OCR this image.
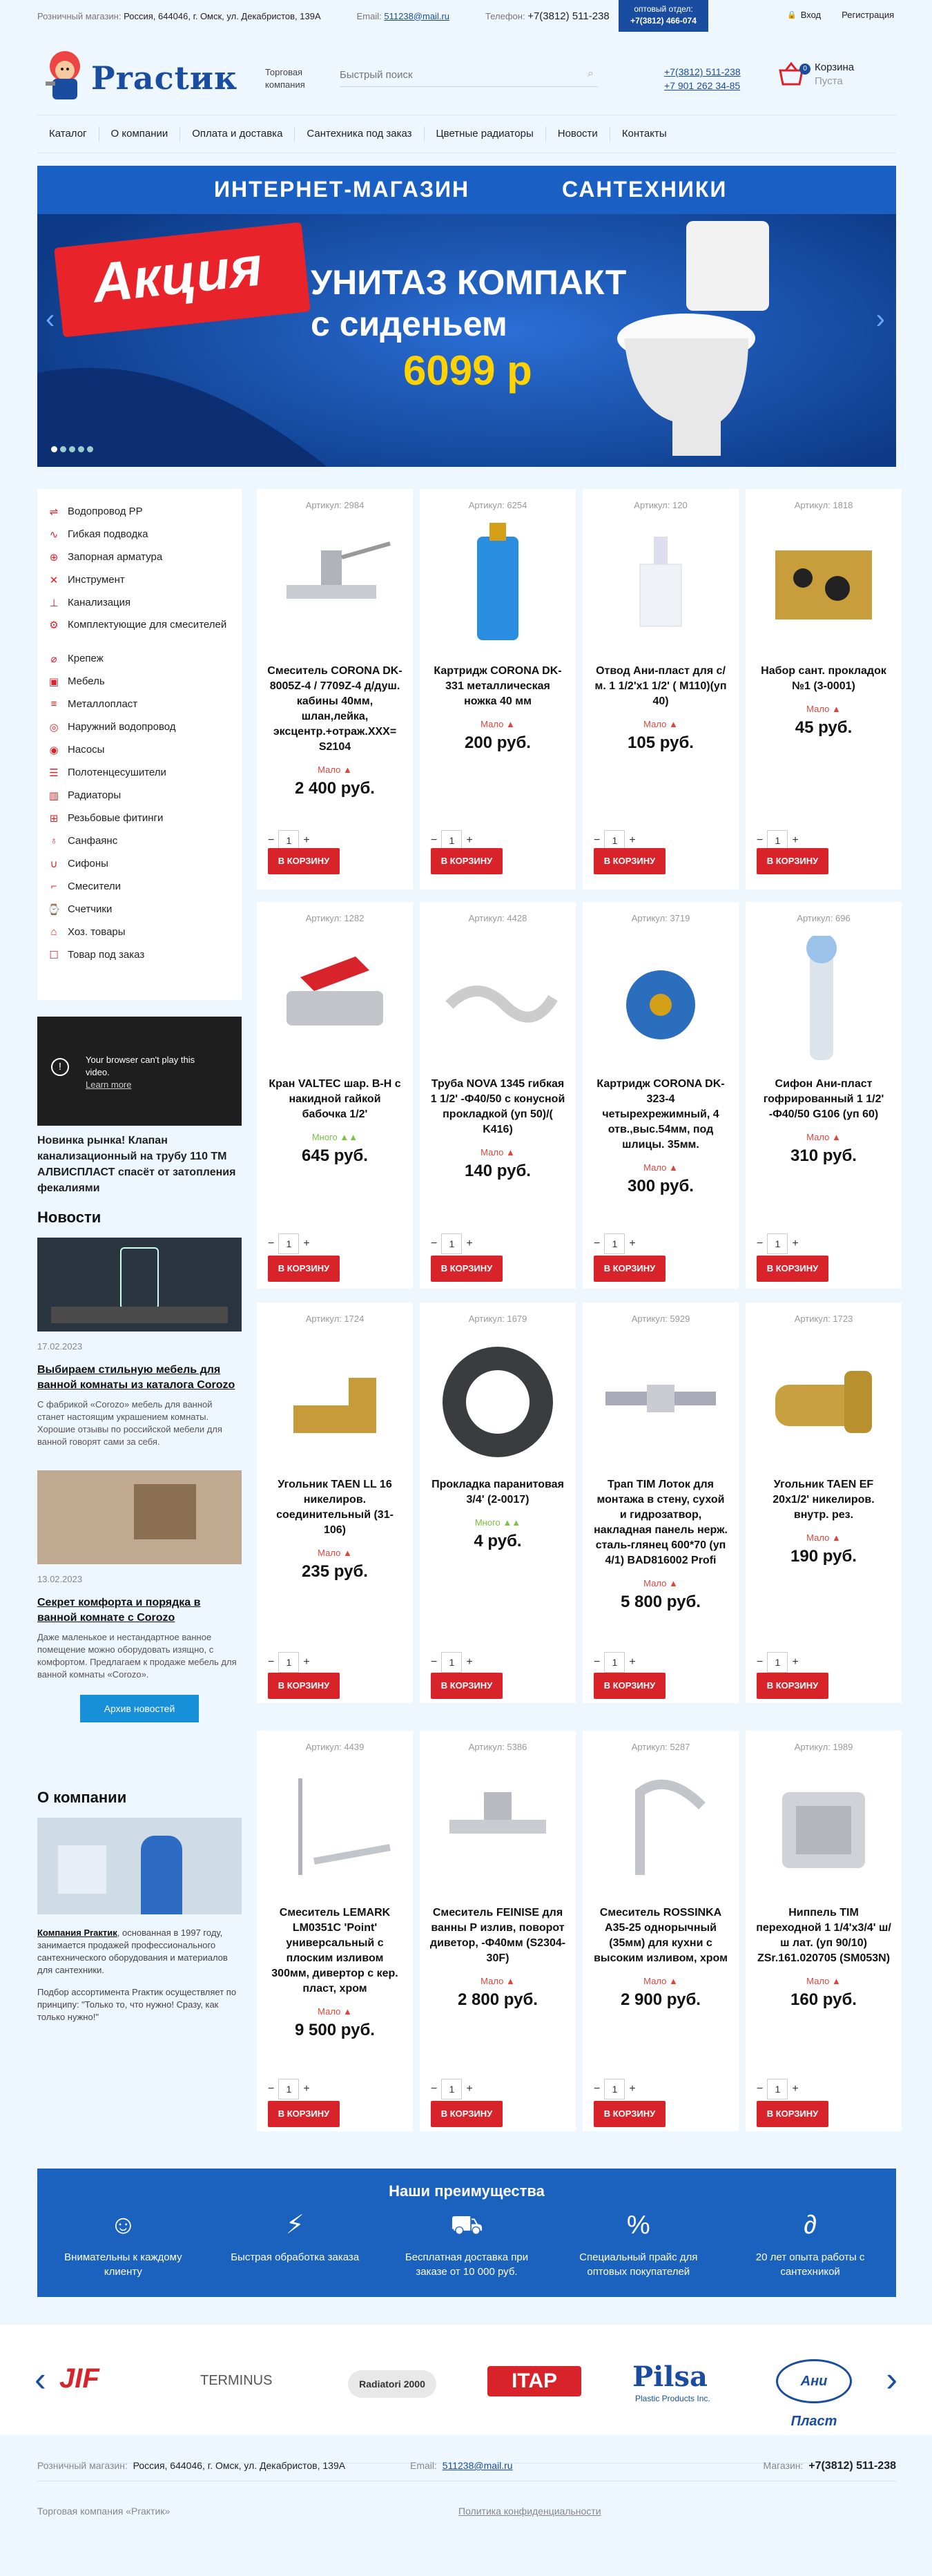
Розничный магазин:
Россия, 644046, г. Омск, ул. Декабристов, 139А	Email:
511238@mail.ru	Телефон:
+7(3812) 511-238
оптовый отдел:
+7(3812) 466-074
🔒 Вход Регистрация
Рractик	Торговая компания
Быстрый поиск
⌕	+7(3812) 511-238
+7 901 262 34-85
0 Корзина
Пуста
Каталог	О компании	Оплата и доставка	Сантехника под заказ	Цветные радиаторы	Новости	Контакты
ИНТЕРНЕТ-МАГАЗИН	САНТЕХНИКИ
Акция УНИТАЗ КОМПАКТ
с сиденьем
6099 р
‹	›
⇌ Водопровод PP
∿ Гибкая подводка
⊕ Запорная арматура
✕ Инструмент
⊥ Канализация
⚙ Комплектующие для смесителей
⌀	Крепеж
▣ Мебель
≡	Металлопласт
◎ Наружний водопровод
◉ Насосы
☰ Полотенцесушители
▥ Радиаторы
⊞ Резьбовые фитинги
♁ Санфаянс
∪ Сифоны
⌐	Смесители
⌚ Счетчики
⌂	Хоз. товары
☐ Товар под заказ
!
Your browser can't play this
video.
Learn more
Новинка рынка! Клапан канализационный на трубу 110 ТМ АЛВИСПЛАСТ спасёт от затопления фекалиями
Новости
17.02.2023
Выбираем стильную мебель для ванной комнаты из каталога Corozo
С фабрикой «Corozo» мебель для ванной станет настоящим украшением комнаты. Хорошие отзывы по российской мебели для ванной говорят сами за себя.
13.02.2023
Секрет комфорта и порядка в ванной комнате с Corozo
Даже маленькое и нестандартное ванное помещение можно оборудовать изящно, с комфортом. Предлагаем к продаже мебель для ванной комнаты «Corozo».
Архив новостей
О компании
Компания Рraктик, основанная в 1997 году, занимается продажей профессионального сантехнического оборудования и материалов для сантехники.
Подбор ассортимента Рraктик осуществляет по принципу: "Только то, что нужно! Сразу, как только нужно!"
Артикул: 2984
Смеситель CORONA DK-8005Z-4 / 7709Z-4 д/душ. кабины 40мм, шлан,лейка, эксцентр.+отраж.XXX= S2104
Мало ▲
2 400 руб.
−	1	+
В КОРЗИНУ
Артикул: 6254
Картридж CORONA DK-331 металлическая ножка 40 мм
Мало ▲
200 руб.
−	1	+
В КОРЗИНУ
Артикул: 120
Отвод Ани-пласт для с/м. 1 1/2'х1 1/2' ( M110)(уп 40)
Мало ▲
105 руб.
−	1	+
В КОРЗИНУ
Артикул: 1818
Набор сант. прокладок №1 (3-0001)
Мало ▲
45 руб.
−	1	+
В КОРЗИНУ
Артикул: 1282
Кран VALTEC шар. В-Н с накидной гайкой бабочка 1/2'
Много ▲▲
645 руб.
−	1	+
В КОРЗИНУ
Артикул: 4428
Труба NOVA 1345 гибкая 1 1/2' -Ф40/50 с конусной прокладкой (уп 50)/( K416)
Мало ▲
140 руб.
−	1	+
В КОРЗИНУ
Артикул: 3719
Картридж CORONA DK-323-4 четырехрежимный, 4 отв.,выс.54мм, под шлицы. 35мм.
Мало ▲
300 руб.
−	1	+
В КОРЗИНУ
Артикул: 696
Сифон Ани-пласт гофрированный 1 1/2' -Ф40/50 G106 (уп 60)
Мало ▲
310 руб.
−	1	+
В КОРЗИНУ
Артикул: 1724
Угольник TAEN LL 16 никелиров. соединительный (31-106)
Мало ▲
235 руб.
−	1	+
В КОРЗИНУ
Артикул: 1679
Прокладка паранитовая 3/4' (2-0017)
Много ▲▲
4 руб.
−	1	+
В КОРЗИНУ
Артикул: 5929
Трап TIM Лоток для монтажа в стену, сухой и гидрозатвор, накладная панель нерж. сталь-глянец 600*70 (уп 4/1) BAD816002 Profi
Мало ▲
5 800 руб.
−	1	+
В КОРЗИНУ
Артикул: 1723
Угольник TAEN EF 20х1/2' никелиров. внутр. рез.
Мало ▲
190 руб.
−	1	+
В КОРЗИНУ
Артикул: 4439
Смеситель LEMARK LM0351C 'Point' универсальный с плоским изливом 300мм, дивертор с кер. пласт, хром
Мало ▲
9 500 руб.
−	1	+
В КОРЗИНУ
Артикул: 5386
Смеситель FEINISE для ванны Р излив, поворот диветор, -Ф40мм (S2304-30F)
Мало ▲
2 800 руб.
−	1	+
В КОРЗИНУ
Артикул: 5287
Смеситель ROSSINKA A35-25 однорычный (35мм) для кухни с высоким изливом, хром
Мало ▲
2 900 руб.
−	1	+
В КОРЗИНУ
Артикул: 1989
Ниппель TIM переходной 1 1/4'х3/4' ш/ш лат. (уп 90/10) ZSr.161.020705 (SM053N)
Мало ▲
160 руб.
−	1	+
В КОРЗИНУ
Наши преимущества
☺
Внимательны к каждому клиенту
⚡
Быстрая обработка заказа
⛟
Бесплатная доставка при заказе от 10 000 руб.
%
Специальный прайс для оптовых покупателей
∂
20 лет опыта работы с сантехникой
‹	›
JIF	TERMINUS	Radiatori 2000	ITAP	Pilsa
Plastic Products Inc.
Ани Пласт
Розничный магазин: Россия, 644046, г. Омск, ул. Декабристов, 139А	Email: 511238@mail.ru	Магазин: +7(3812) 511-238
Торговая компания «Рraктик»	Политика конфиденциальности
